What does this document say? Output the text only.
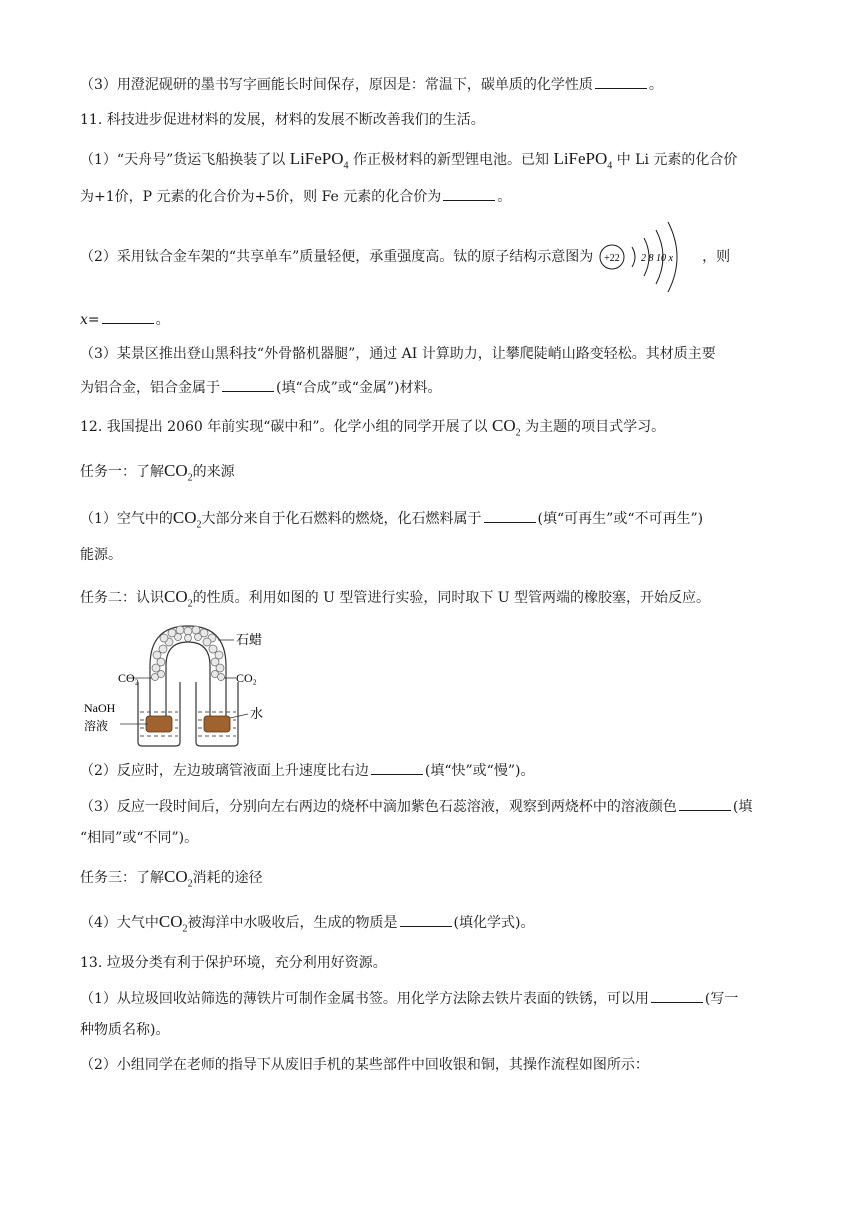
（3）用澄泥砚研的墨书写字画能长时间保存，原因是：常温下，碳单质的化学性质	。
11. 科技进步促进材料的发展，材料的发展不断改善我们的生活。
（1）“天舟号”货运飞船换装了以 LiFePO$_4$ 作正极材料的新型锂电池。已知 LiFePO$_4$ 中 Li 元素的化合价
为+1价，P 元素的化合价为+5价，则 Fe 元素的化合价为	。
（2）采用钛合金车架的“共享单车”质量轻便，承重强度高。钛的原子结构示意图为 +22 2 8 10 x ，则
x=	。
（3）某景区推出登山黑科技“外骨骼机器腿”，通过 AI 计算助力，让攀爬陡峭山路变轻松。其材质主要
为铝合金，铝合金属于	(填“合成”或“金属”)材料。
12. 我国提出 2060 年前实现“碳中和”。化学小组的同学开展了以 $CO_2$ 为主题的项目式学习。
任务一：了解$CO_2$的来源
（1）空气中的$CO_2$大部分来自于化石燃料的燃烧，化石燃料属于	(填“可再生”或“不可再生”)
能源。
任务二：认识$CO_2$的性质。利用如图的 U 型管进行实验，同时取下 U 型管两端的橡胶塞，开始反应。
石蜡
CO₂	CO₂
NaOH
溶液
水
（2）反应时，左边玻璃管液面上升速度比右边	(填“快”或“慢”)。
（3）反应一段时间后，分别向左右两边的烧杯中滴加紫色石蕊溶液，观察到两烧杯中的溶液颜色	(填
“相同”或“不同”)。
任务三：了解$CO_2$消耗的途径
（4）大气中$CO_2$被海洋中水吸收后，生成的物质是	(填化学式)。
13. 垃圾分类有利于保护环境，充分利用好资源。
（1）从垃圾回收站筛选的薄铁片可制作金属书签。用化学方法除去铁片表面的铁锈，可以用	(写一
种物质名称)。
（2）小组同学在老师的指导下从废旧手机的某些部件中回收银和铜，其操作流程如图所示：
